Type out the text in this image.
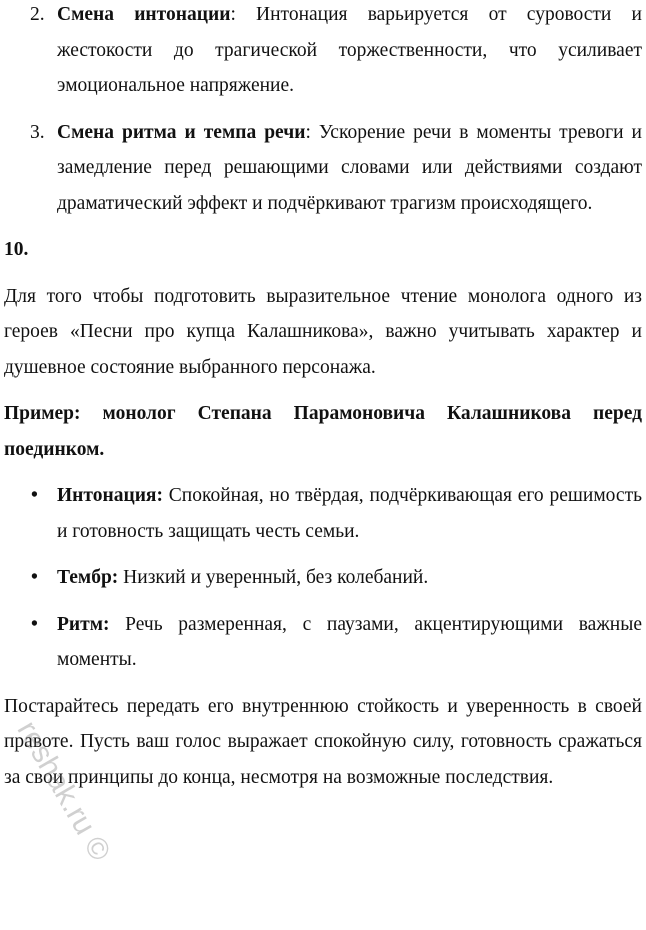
2. Смена интонации: Интонация варьируется от суровости и жестокости до трагической торжественности, что усиливает эмоциональное напряжение.
3. Смена ритма и темпа речи: Ускорение речи в моменты тревоги и замедление перед решающими словами или действиями создают драматический эффект и подчёркивают трагизм происходящего.

10.

Для того чтобы подготовить выразительное чтение монолога одного из героев «Песни про купца Калашникова», важно учитывать характер и душевное состояние выбранного персонажа.

Пример: монолог Степана Парамоновича Калашникова перед поединком.

• Интонация: Спокойная, но твёрдая, подчёркивающая его решимость и готовность защищать честь семьи.
• Тембр: Низкий и уверенный, без колебаний.
• Ритм: Речь размеренная, с паузами, акцентирующими важные моменты.

Постарайтесь передать его внутреннюю стойкость и уверенность в своей правоте. Пусть ваш голос выражает спокойную силу, готовность сражаться за свои принципы до конца, несмотря на возможные последствия.

reshak.ru ©
